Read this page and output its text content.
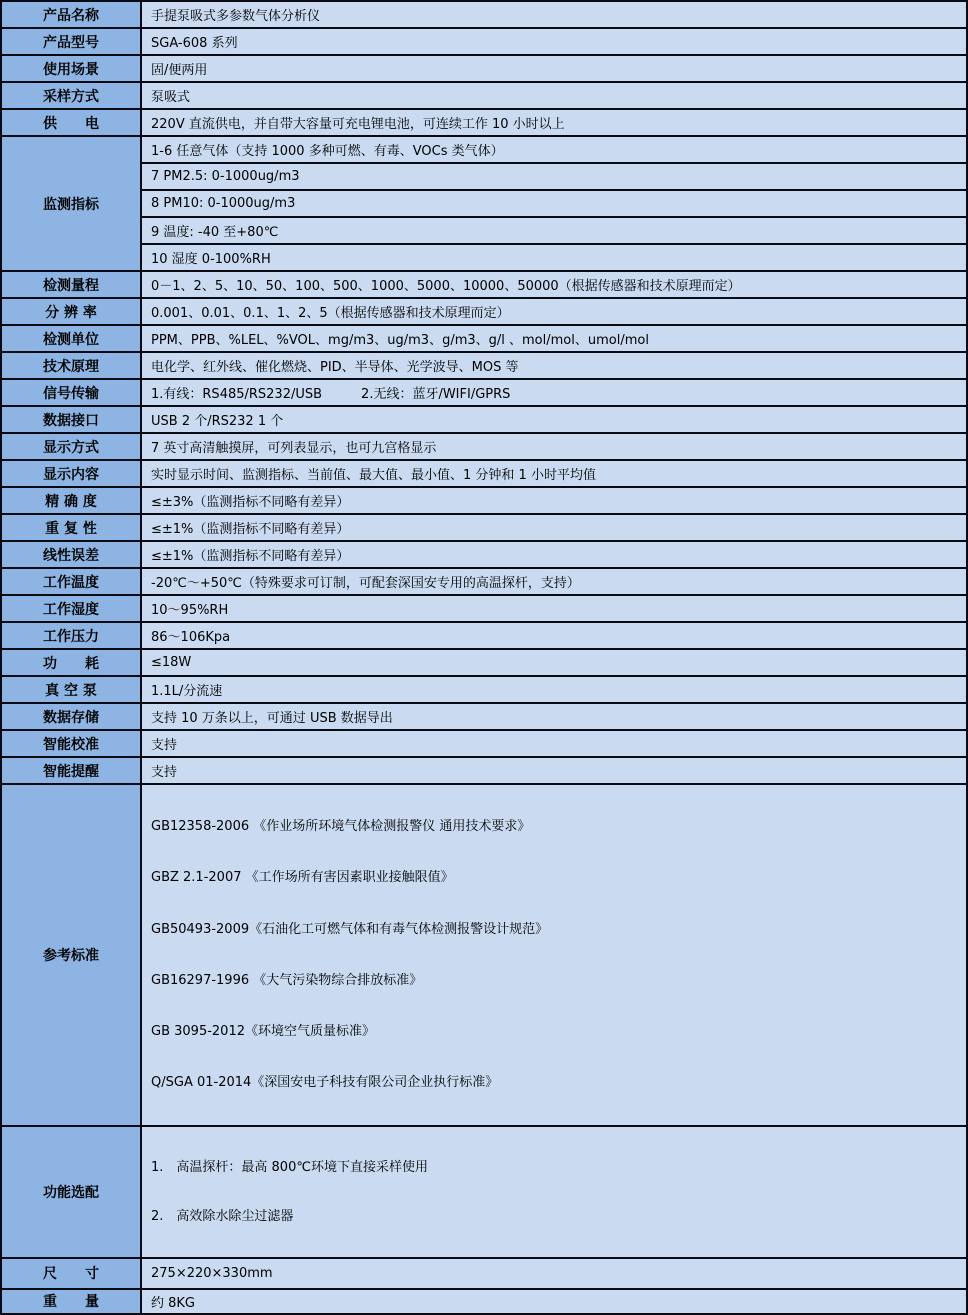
产品名称	手提泵吸式多参数气体分析仪
产品型号	SGA-608 系列
使用场景	固/便两用
采样方式	泵吸式
供　　电	220V 直流供电，并自带大容量可充电锂电池，可连续工作 10 小时以上
监测指标	1-6 任意气体（支持 1000 多种可燃、有毒、VOCs 类气体）
	7 PM2.5: 0-1000ug/m3
	8 PM10: 0-1000ug/m3
	9 温度: -40 至+80℃
	10 湿度 0-100%RH
检测量程	0－1、2、5、10、50、100、500、1000、5000、10000、50000（根据传感器和技术原理而定）
分 辨 率	0.001、0.01、0.1、1、2、5（根据传感器和技术原理而定）
检测单位	PPM、PPB、%LEL、%VOL、mg/m3、ug/m3、g/m3、g/l 、mol/mol、umol/mol
技术原理	电化学、红外线、催化燃烧、PID、半导体、光学波导、MOS 等
信号传输	1.有线：RS485/RS232/USB　　　2.无线：蓝牙/WIFI/GPRS
数据接口	USB 2 个/RS232 1 个
显示方式	7 英寸高清触摸屏，可列表显示，也可九宫格显示
显示内容	实时显示时间、监测指标、当前值、最大值、最小值、1 分钟和 1 小时平均值
精 确 度	≤±3%（监测指标不同略有差异）
重 复 性	≤±1%（监测指标不同略有差异）
线性误差	≤±1%（监测指标不同略有差异）
工作温度	-20℃～+50℃（特殊要求可订制，可配套深国安专用的高温探杆，支持）
工作湿度	10～95%RH
工作压力	86～106Kpa
功　　耗	≤18W
真 空 泵	1.1L/分流速
数据存储	支持 10 万条以上，可通过 USB 数据导出
智能校准	支持
智能提醒	支持
参考标准	

GB12358-2006 《作业场所环境气体检测报警仪 通用技术要求》

GBZ 2.1-2007 《工作场所有害因素职业接触限值》

GB50493-2009《石油化工可燃气体和有毒气体检测报警设计规范》

GB16297-1996 《大气污染物综合排放标准》

GB 3095-2012《环境空气质量标准》

Q/SGA 01-2014《深国安电子科技有限公司企业执行标准》

功能选配	1.　高温探杆：最高 800℃环境下直接采样使用

2.　高效除水除尘过滤器

尺　　寸	275×220×330mm
重　　量	约 8KG
